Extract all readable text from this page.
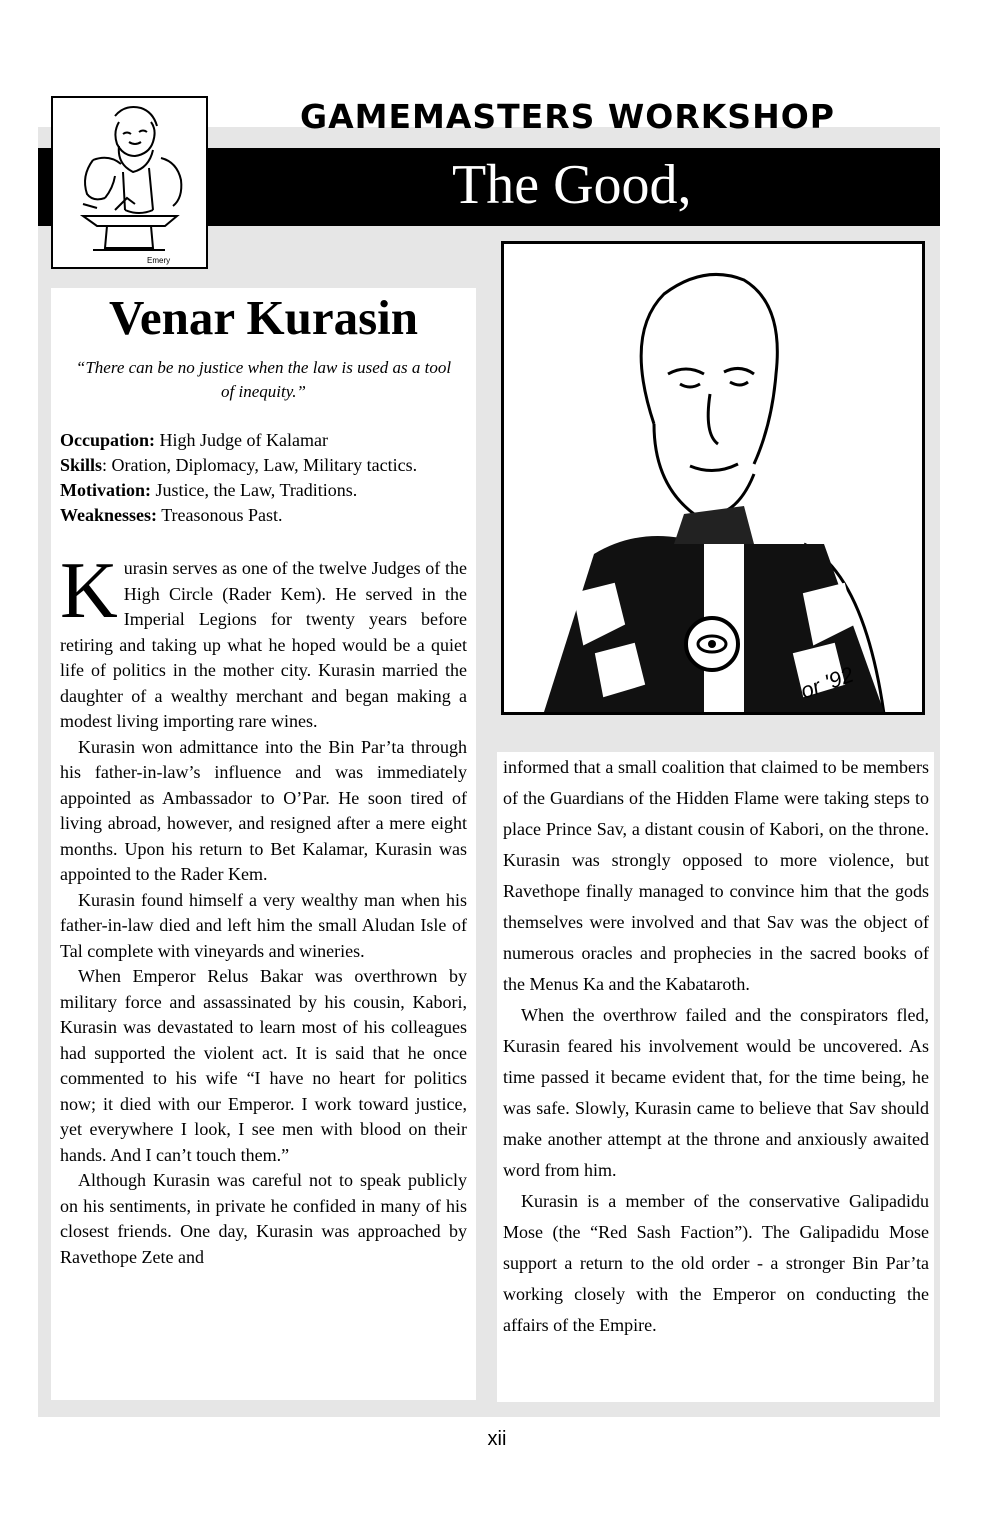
GAMEMASTERS WORKSHOP
The Good,
Emery
or '92
Venar Kurasin
“There can be no justice when the law is used as a tool of inequity.”

Occupation: High Judge of Kalamar

Skills: Oration, Diplomacy, Law, Military tactics.

Motivation: Justice, the Law, Traditions.

Weaknesses: Treasonous Past.

Kurasin serves as one of the twelve Judges of the High Circle (Rader Kem). He served in the Imperial Legions for twenty years before retiring and taking up what he hoped would be a quiet life of politics in the mother city. Kurasin married the daughter of a wealthy merchant and began making a modest living importing rare wines.

Kurasin won admittance into the Bin Par’ta through his father-in-law’s influence and was immediately appointed as Ambassador to O’Par. He soon tired of living abroad, however, and resigned after a mere eight months. Upon his return to Bet Kalamar, Kurasin was appointed to the Rader Kem.

Kurasin found himself a very wealthy man when his father-in-law died and left him the small Aludan Isle of Tal complete with vineyards and wineries.

When Emperor Relus Bakar was overthrown by military force and assassinated by his cousin, Kabori, Kurasin was devastated to learn most of his colleagues had supported the violent act. It is said that he once commented to his wife “I have no heart for politics now; it died with our Emperor. I work toward justice, yet everywhere I look, I see men with blood on their hands. And I can’t touch them.”

Although Kurasin was careful not to speak publicly on his sentiments, in private he confided in many of his closest friends. One day, Kurasin was approached by Ravethope Zete and

informed that a small coalition that claimed to be members of the Guardians of the Hidden Flame were taking steps to place Prince Sav, a distant cousin of Kabori, on the throne. Kurasin was strongly opposed to more violence, but Ravethope finally managed to convince him that the gods themselves were involved and that Sav was the object of numerous oracles and prophecies in the sacred books of the Menus Ka and the Kabataroth.

When the overthrow failed and the conspirators fled, Kurasin feared his involvement would be uncovered. As time passed it became evident that, for the time being, he was safe. Slowly, Kurasin came to believe that Sav should make another attempt at the throne and anxiously awaited word from him.

Kurasin is a member of the conservative Galipadidu Mose (the “Red Sash Faction”). The Galipadidu Mose support a return to the old order - a stronger Bin Par’ta working closely with the Emperor on conducting the affairs of the Empire.

xii
